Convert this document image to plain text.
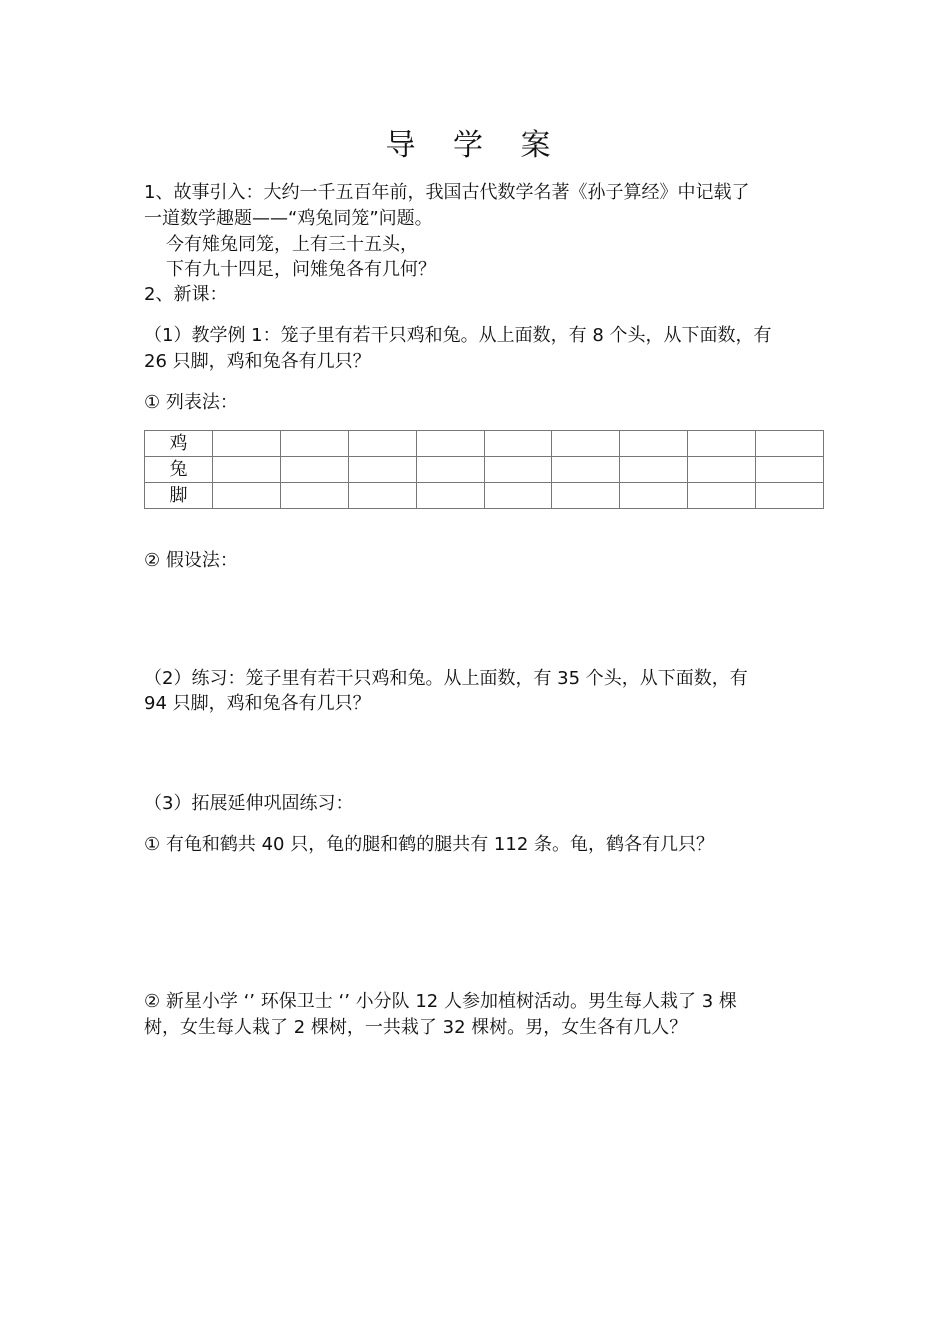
导 学 案
1、故事引入：大约一千五百年前，我国古代数学名著《孙子算经》中记载了
一道数学趣题——“鸡兔同笼”问题。
今有雉兔同笼，上有三十五头，
下有九十四足，问雉兔各有几何？
2、新课：
（1）教学例 1：笼子里有若干只鸡和兔。从上面数，有 8 个头，从下面数，有
26 只脚，鸡和兔各有几只？
① 列表法：
鸡									
兔									
脚									
② 假设法：
（2）练习：笼子里有若干只鸡和兔。从上面数，有 35 个头，从下面数，有
94 只脚，鸡和兔各有几只？
（3）拓展延伸巩固练习：
① 有龟和鹤共 40 只，龟的腿和鹤的腿共有 112 条。龟，鹤各有几只？
② 新星小学 ‘’ 环保卫士 ‘’ 小分队 12 人参加植树活动。男生每人栽了 3 棵
树，女生每人栽了 2 棵树，一共栽了 32 棵树。男，女生各有几人？
